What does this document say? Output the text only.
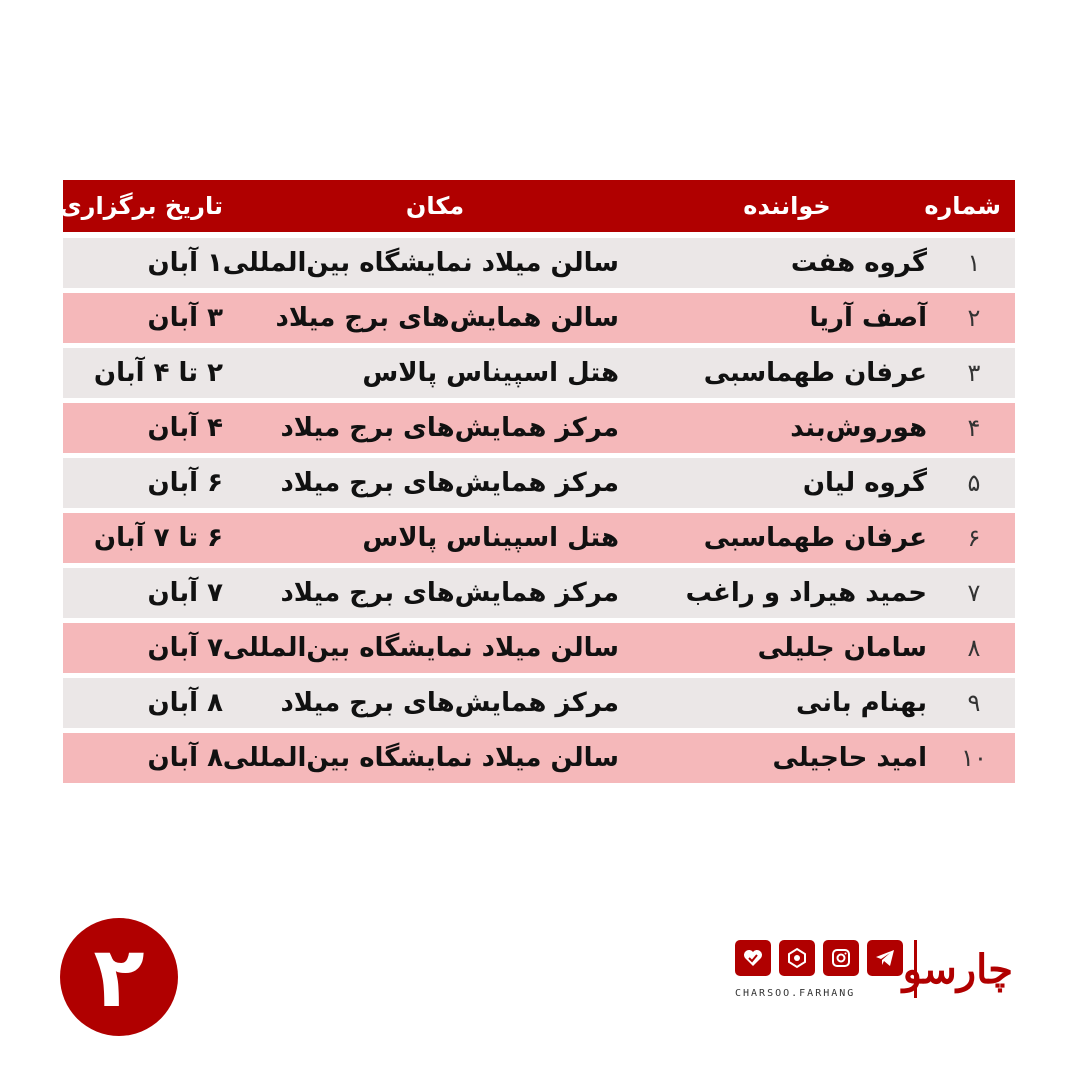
شماره
خواننده
مکان
تاریخ برگزاری
۱
گروه هفت
سالن میلاد نمایشگاه بین‌المللی
۱ آبان
۲
آصف آریا
سالن همایش‌های برج میلاد
۳ آبان
۳
عرفان طهماسبی
هتل اسپیناس پالاس
۲ تا ۴ آبان
۴
هوروش‌بند
مرکز همایش‌های برج میلاد
۴ آبان
۵
گروه لیان
مرکز همایش‌های برج میلاد
۶ آبان
۶
عرفان طهماسبی
هتل اسپیناس پالاس
۶ تا ۷ آبان
۷
حمید هیراد و راغب
مرکز همایش‌های برج میلاد
۷ آبان
۸
سامان جلیلی
سالن میلاد نمایشگاه بین‌المللی
۷ آبان
۹
بهنام بانی
مرکز همایش‌های برج میلاد
۸ آبان
۱۰
امید حاجیلی
سالن میلاد نمایشگاه بین‌المللی
۸ آبان
۲	CHARSOO.FARHANG
چارسو
